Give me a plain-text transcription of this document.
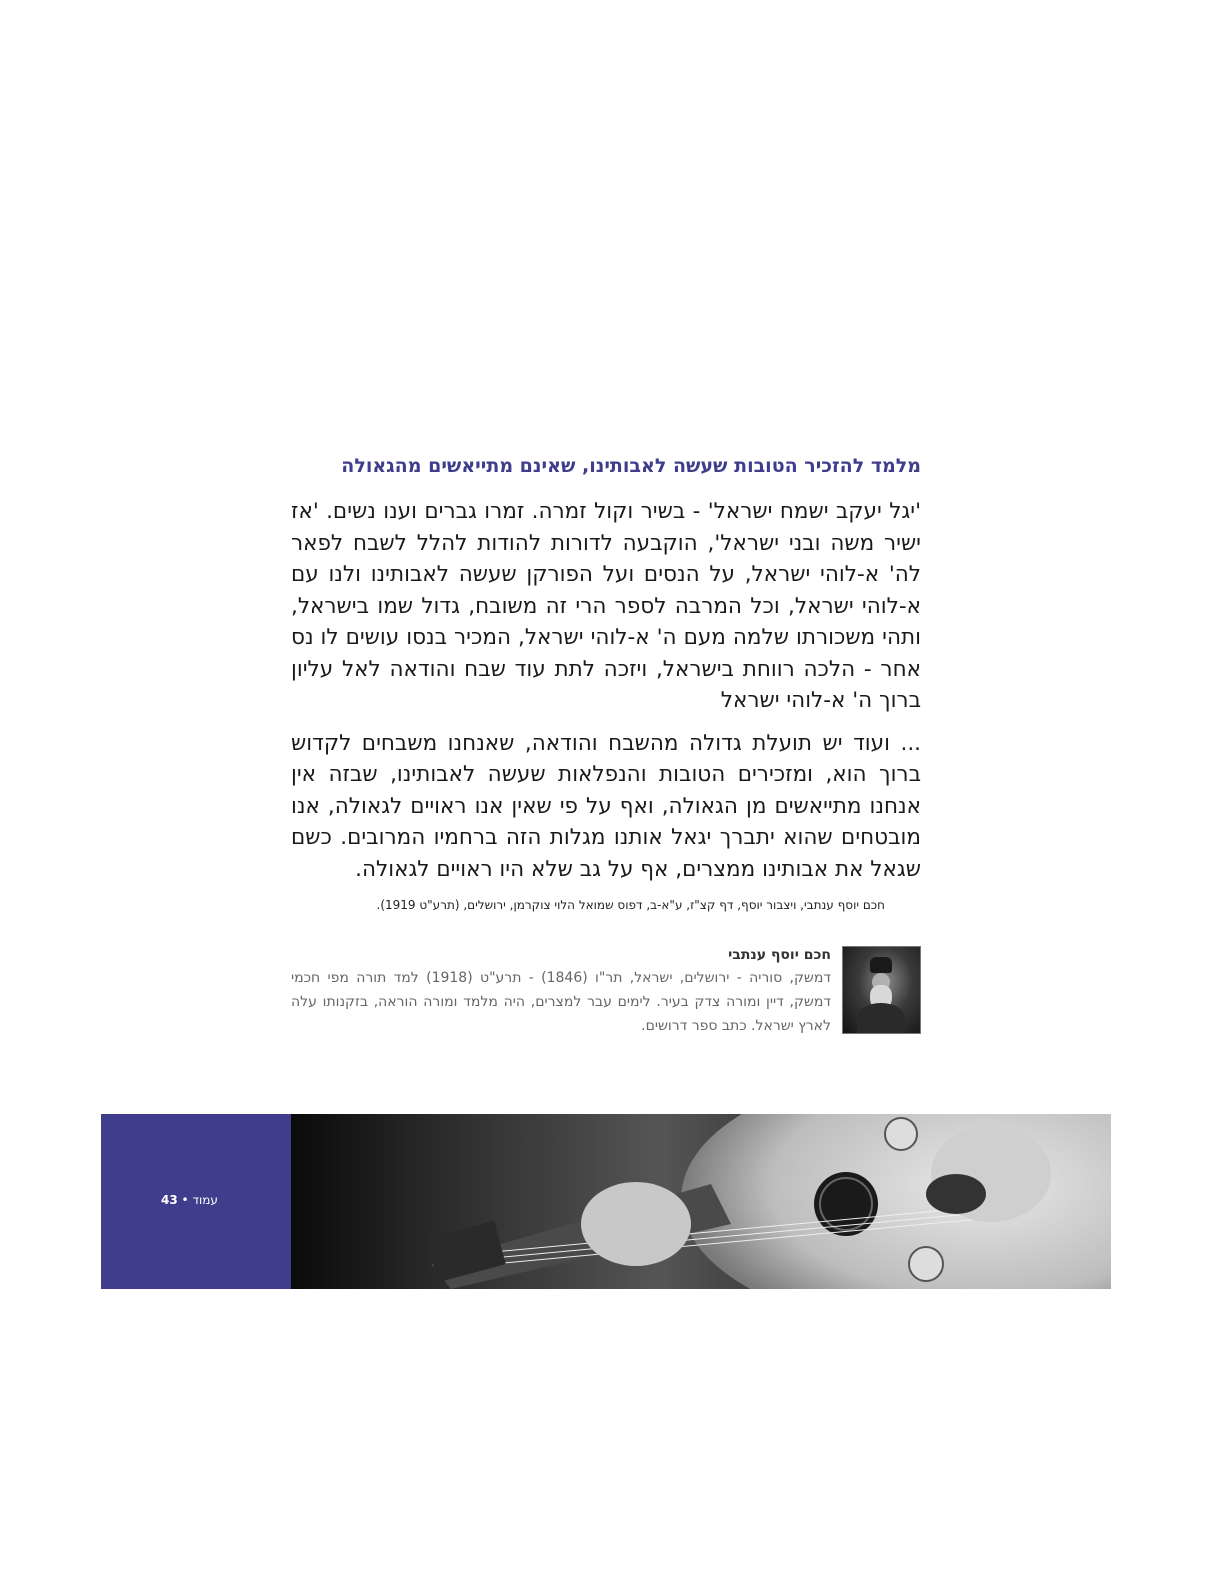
מלמד להזכיר הטובות שעשה לאבותינו, שאינם מתייאשים מהגאולה

'יגל יעקב ישמח ישראל' - בשיר וקול זמרה. זמרו גברים וענו נשים. 'אז ישיר משה ובני ישראל', הוקבעה לדורות להודות להלל לשבח לפאר לה' א-לוהי ישראל, על הנסים ועל הפורקן שעשה לאבותינו ולנו עם א-לוהי ישראל, וכל המרבה לספר הרי זה משובח, גדול שמו בישראל, ותהי משכורתו שלמה מעם ה' א-לוהי ישראל, המכיר בנסו עושים לו נס אחר - הלכה רווחת בישראל, ויזכה לתת עוד שבח והודאה לאל עליון ברוך ה' א-לוהי ישראל

... ועוד יש תועלת גדולה מהשבח והודאה, שאנחנו משבחים לקדוש ברוך הוא, ומזכירים הטובות והנפלאות שעשה לאבותינו, שבזה אין אנחנו מתייאשים מן הגאולה, ואף על פי שאין אנו ראויים לגאולה, אנו מובטחים שהוא יתברך יגאל אותנו מגלות הזה ברחמיו המרובים. כשם שגאל את אבותינו ממצרים, אף על גב שלא היו ראויים לגאולה.

חכם יוסף ענתבי, ויצבור יוסף, דף קצ"ז, ע"א-ב, דפוס שמואל הלוי צוקרמן, ירושלים, (תרע"ט 1919).
חכם יוסף ענתבי
דמשק, סוריה - ירושלים, ישראל, תר"ו (1846) - תרע"ט (1918) למד תורה מפי חכמי דמשק, דיין ומורה צדק בעיר. לימים עבר למצרים, היה מלמד ומורה הוראה, בזקנותו עלה לארץ ישראל. כתב ספר דרושים.
עמוד • 43
